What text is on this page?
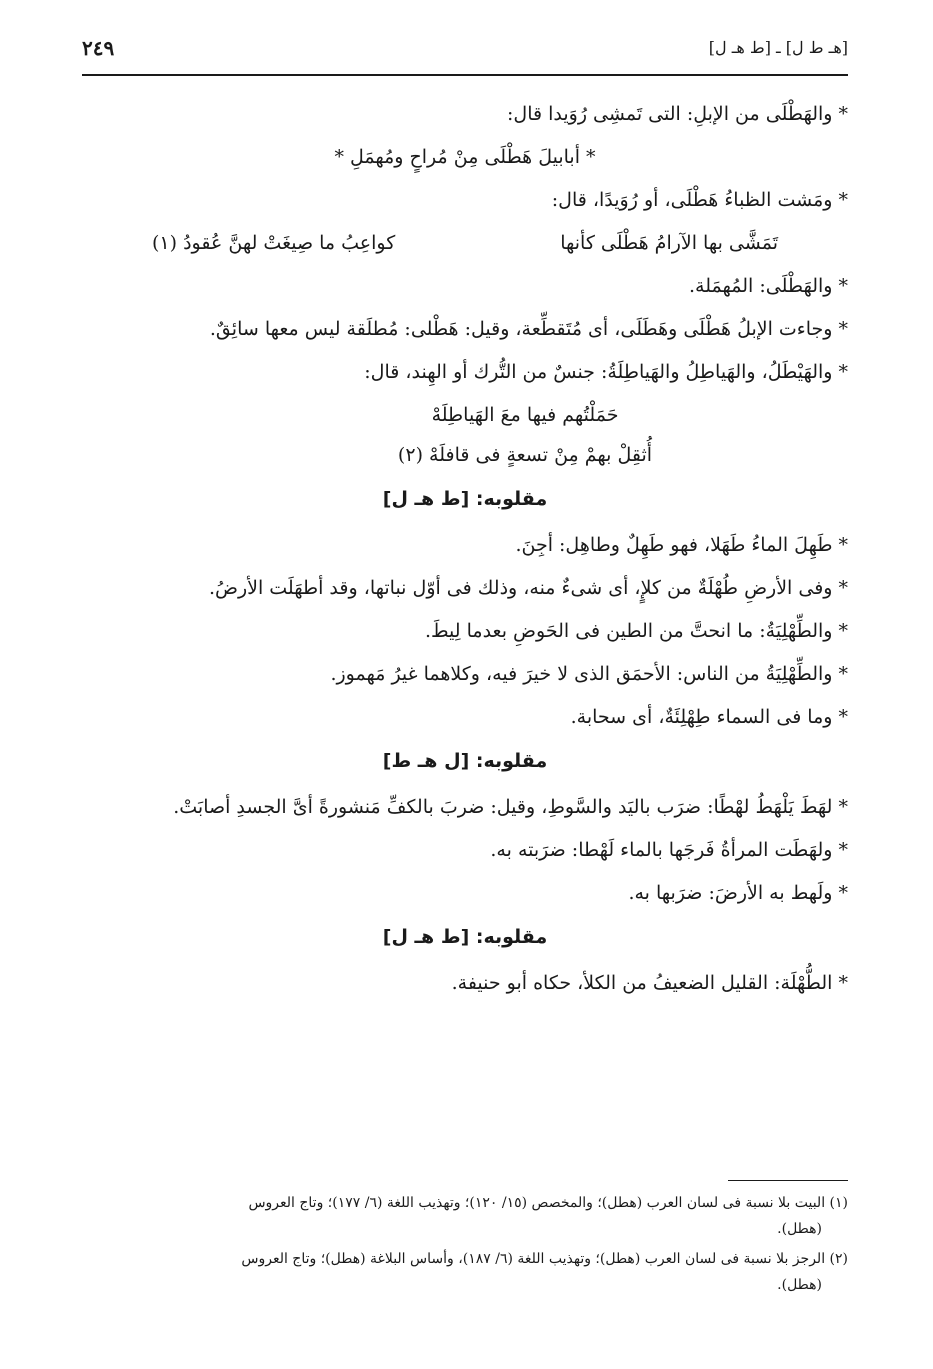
٢٤٩	[هـ ط ل] ـ [ط هـ ل]

* والهَطْلَى من الإبلِ: التى تَمشِى رُوَيدا قال:

* أبابيلَ هَطْلَى مِنْ مُراحٍ ومُهمَلِ *

* ومَشت الظباءُ هَطْلَى، أو رُوَيدًا، قال:

تَمَشَّى بها الآرامُ هَطْلَى كأنها
كواعِبُ ما صِيغَتْ لهنَّ عُقودُ (١)

* والهَطْلَى: المُهمَلة.

* وجاءت الإبلُ هَطْلَى وهَطَلَى، أى مُتَقطِّعة، وقيل: هَطْلى: مُطلَقة ليس معها سائِقٌ.

* والهَيْطَلُ، والهَياطِلُ والهَياطِلَةُ: جنسٌ من التُّرك أو الهِند، قال:

حَمَلْتُهم فيها معَ الهَياطِلَهْ

أُثقِلْ بهمْ مِنْ تسعةٍ فى قافلَهْ (٢)

مقلوبه: [ط هـ ل]

* طَهِلَ الماءُ طَهَلا، فهو طَهِلٌ وطاهِل: أجِنَ.

* وفى الأرضِ طُهْلَةٌ من كلإٍ، أى شىءٌ منه، وذلك فى أوّل نباتها، وقد أطهَلَت الأرضُ.

* والطِّهْلِيَةُ: ما انحتَّ من الطين فى الحَوضِ بعدما لِيطَ.

* والطِّهْلِيَةُ من الناس: الأحمَق الذى لا خيرَ فيه، وكلاهما غيرُ مَهموز.

* وما فى السماء طِهْلِئَةٌ، أى سحابة.

مقلوبه: [ل هـ ط]

* لهَطَ يَلْهَطُ لهْطًا: ضرَب باليَد والسَّوطِ، وقيل: ضربَ بالكفِّ مَنشورةً أىَّ الجسدِ أصابَتْ.

* ولهَطَت المرأةُ فَرجَها بالماء لَهْطا: ضرَبته به.

* ولَهط به الأرضَ: ضرَبها به.

مقلوبه: [ط هـ ل]

* الطُّهْلَة: القليل الضعيفُ من الكلأ، حكاه أبو حنيفة.

(١) البيت بلا نسبة فى لسان العرب (هطل)؛ والمخصص (١٥/ ١٢٠)؛ وتهذيب اللغة (٦/ ١٧٧)؛ وتاج العروس
(هطل).

(٢) الرجز بلا نسبة فى لسان العرب (هطل)؛ وتهذيب اللغة (٦/ ١٨٧)، وأساس البلاغة (هطل)؛ وتاج العروس
(هطل).
